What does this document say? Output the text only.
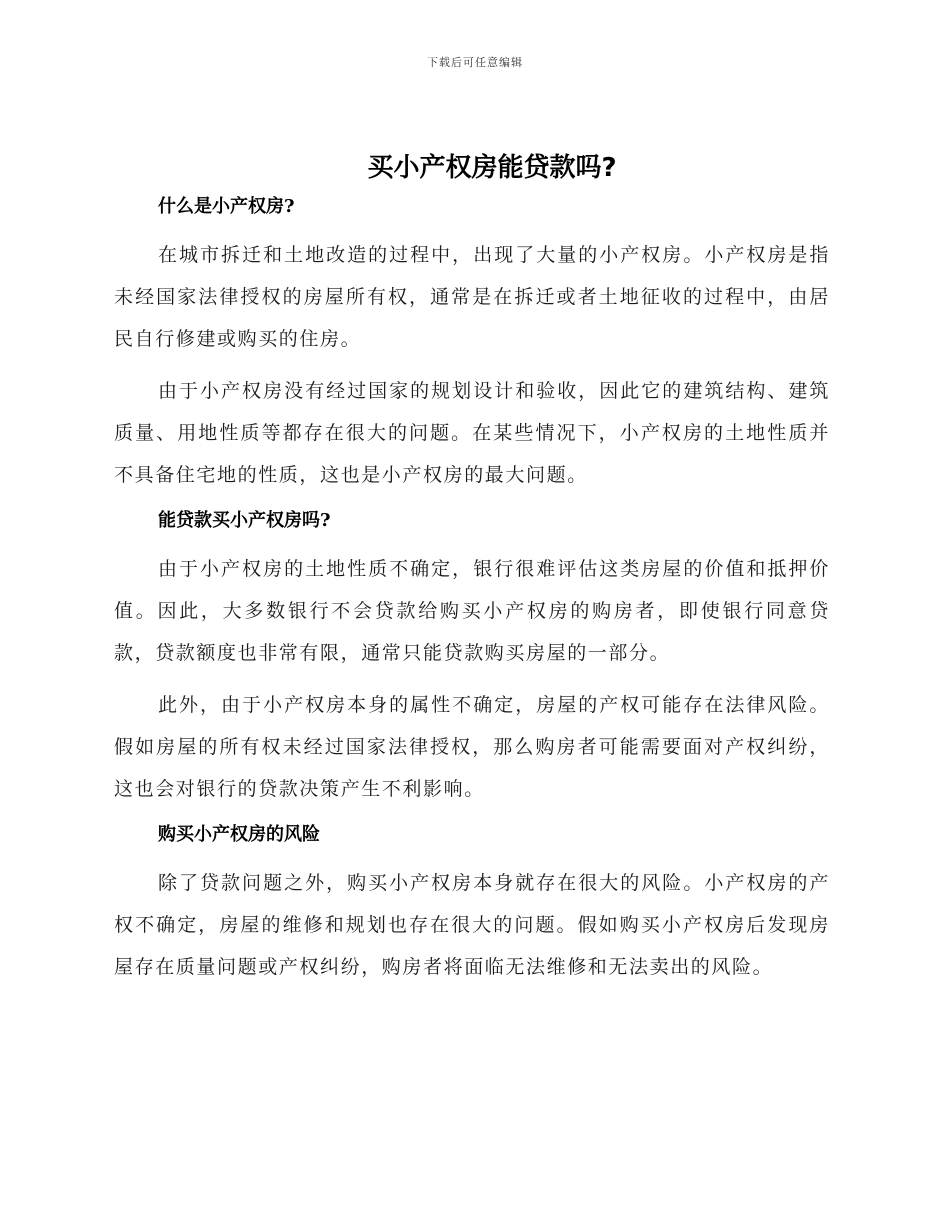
下载后可任意编辑
买小产权房能贷款吗?
什么是小产权房?

在城市拆迁和土地改造的过程中，出现了大量的小产权房。小产权房是指未经国家法律授权的房屋所有权，通常是在拆迁或者土地征收的过程中，由居民自行修建或购买的住房。

由于小产权房没有经过国家的规划设计和验收，因此它的建筑结构、建筑质量、用地性质等都存在很大的问题。在某些情况下，小产权房的土地性质并不具备住宅地的性质，这也是小产权房的最大问题。

能贷款买小产权房吗?

由于小产权房的土地性质不确定，银行很难评估这类房屋的价值和抵押价值。因此，大多数银行不会贷款给购买小产权房的购房者，即使银行同意贷款，贷款额度也非常有限，通常只能贷款购买房屋的一部分。

此外，由于小产权房本身的属性不确定，房屋的产权可能存在法律风险。假如房屋的所有权未经过国家法律授权，那么购房者可能需要面对产权纠纷，这也会对银行的贷款决策产生不利影响。

购买小产权房的风险

除了贷款问题之外，购买小产权房本身就存在很大的风险。小产权房的产权不确定，房屋的维修和规划也存在很大的问题。假如购买小产权房后发现房屋存在质量问题或产权纠纷，购房者将面临无法维修和无法卖出的风险。
